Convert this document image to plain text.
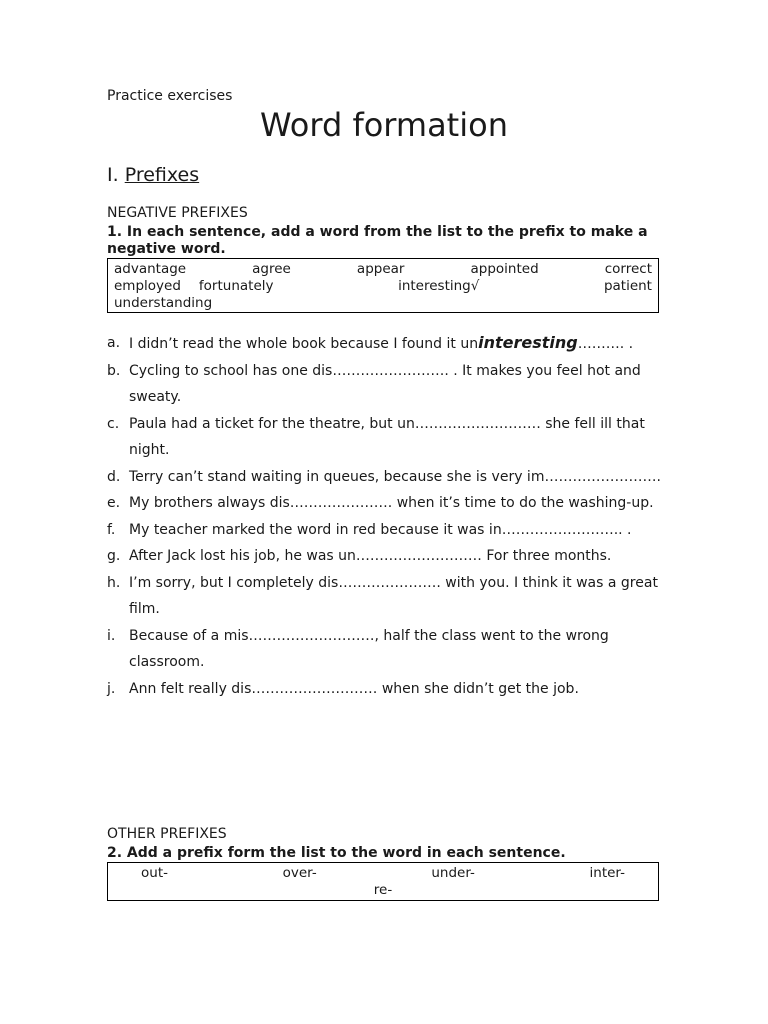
Practice exercises
Word formation
I. Prefixes
NEGATIVE PREFIXES
1. In each sentence, add a word from the list to the prefix to make a negative word.
advantage	agree	appear	appointed	correct
employed fortunately	interesting√	patient
understanding
a. I didn’t read the whole book because I found it uninteresting………. .
b. Cycling to school has one dis……………………. . It makes you feel hot and sweaty.
c. Paula had a ticket for the theatre, but un……………………… she fell ill that night.
d. Terry can’t stand waiting in queues, because she is very im…………………….
e. My brothers always dis…………………. when it’s time to do the washing-up.
f. My teacher marked the word in red because it was in…………………….. .
g. After Jack lost his job, he was un……………………… For three months.
h. I’m sorry, but I completely dis…………………. with you. I think it was a great film.
i. Because of a mis………………………, half the class went to the wrong classroom.
j. Ann felt really dis……………………… when she didn’t get the job.
OTHER PREFIXES
2. Add a prefix form the list to the word in each sentence.
out-	over-	under-	inter-
re-
